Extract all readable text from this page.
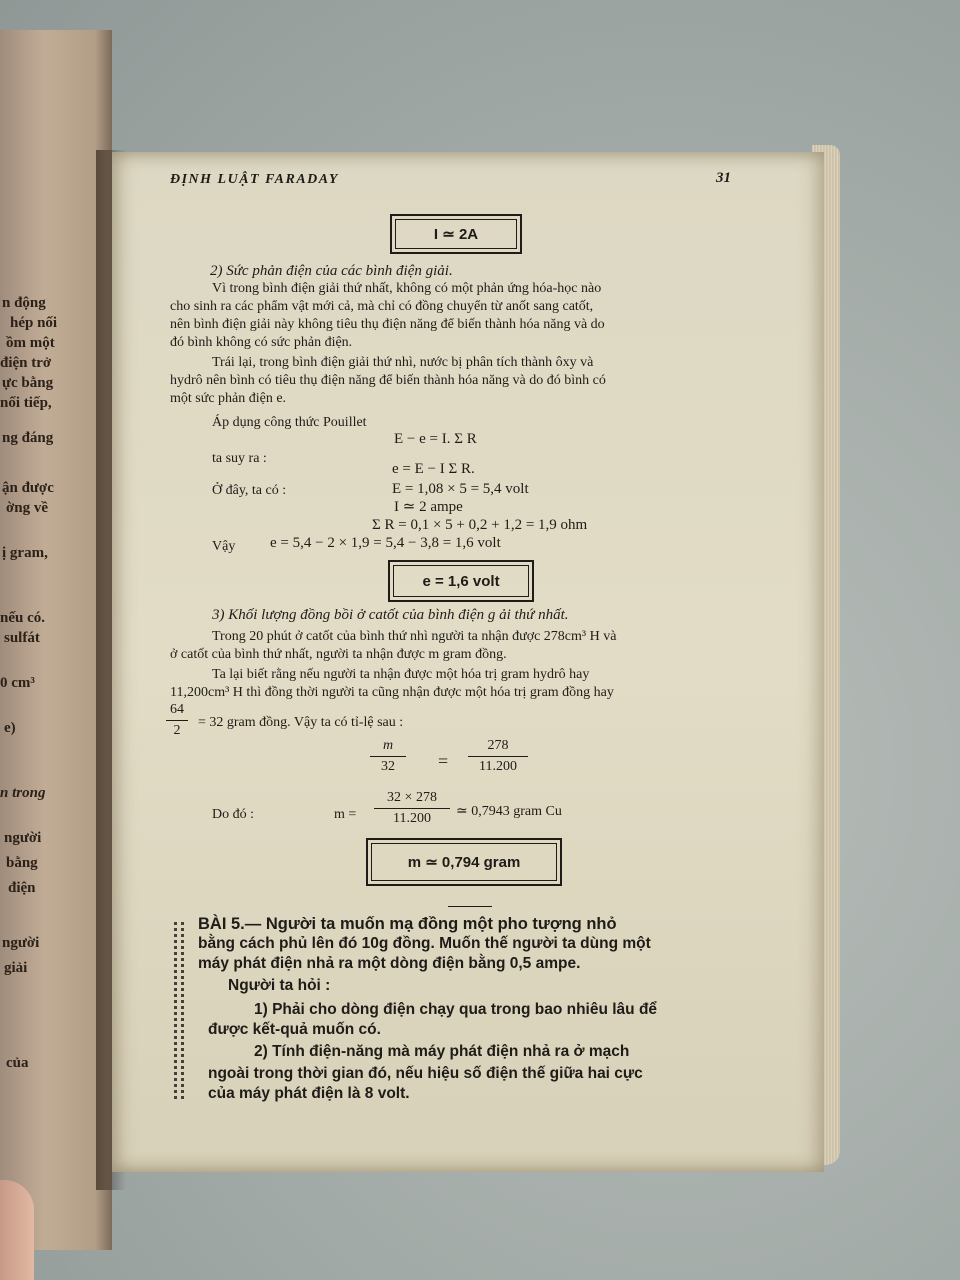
n động
hép nối
ồm một
điện trở
ực bằng
nối tiếp,
ng đáng
ận được
ờng về
ị gram,
nếu có.
sulfát
0 cm³
e)
n trong
người
bằng
điện
người
giải
của
ĐỊNH LUẬT FARADAY	31
I ≃ 2A
2) Sức phản điện của các bình điện giải.
Vì trong bình điện giải thứ nhất, không có một phản ứng hóa-học nào
cho sinh ra các phẩm vật mới cả, mà chỉ có đồng chuyển từ anốt sang catốt,
nên bình điện giải này không tiêu thụ điện năng để biến thành hóa năng và do
đó bình không có sức phản điện.
Trái lại, trong bình điện giải thứ nhì, nước bị phân tích thành ôxy và
hydrô nên bình có tiêu thụ điện năng để biến thành hóa năng và do đó bình có
một sức phản điện e.
Áp dụng công thức Pouillet
E − e = I. Σ R
ta suy ra :
e = E − I Σ R.
Ở đây, ta có :	E = 1,08 × 5 = 5,4 volt
I ≃ 2 ampe
Σ R = 0,1 × 5 + 0,2 + 1,2 = 1,9 ohm
Vậy e = 5,4 − 2 × 1,9 = 5,4 − 3,8 = 1,6 volt
e = 1,6 volt
3) Khối lượng đồng bồi ở catốt của bình điện g ải thứ nhất.
Trong 20 phút ở catốt của bình thứ nhì người ta nhận được 278cm³ H và
ở catốt của bình thứ nhất, người ta nhận được m gram đồng.
Ta lại biết rằng nếu người ta nhận được một hóa trị gram hydrô hay
11,200cm³ H thì đồng thời người ta cũng nhận được một hóa trị gram đồng hay
$\frac{64}{2} = 32$ gram đồng. Vậy ta có tỉ-lệ sau :
$\frac{m}{32} = \frac{278}{11.200}$
Do đó :	$m = \frac{32 \times 278}{11.200}$ ≃ 0,7943 gram Cu
m ≃ 0,794 gram
BÀI 5.— Người ta muốn mạ đồng một pho tượng nhỏ
bằng cách phủ lên đó 10g đồng. Muốn thế người ta dùng một
máy phát điện nhả ra một dòng điện bằng 0,5 ampe.
Người ta hỏi :
1) Phải cho dòng điện chạy qua trong bao nhiêu lâu để
được kết-quả muốn có.
2) Tính điện-năng mà máy phát điện nhả ra ở mạch
ngoài trong thời gian đó, nếu hiệu số điện thế giữa hai cực
của máy phát điện là 8 volt.
